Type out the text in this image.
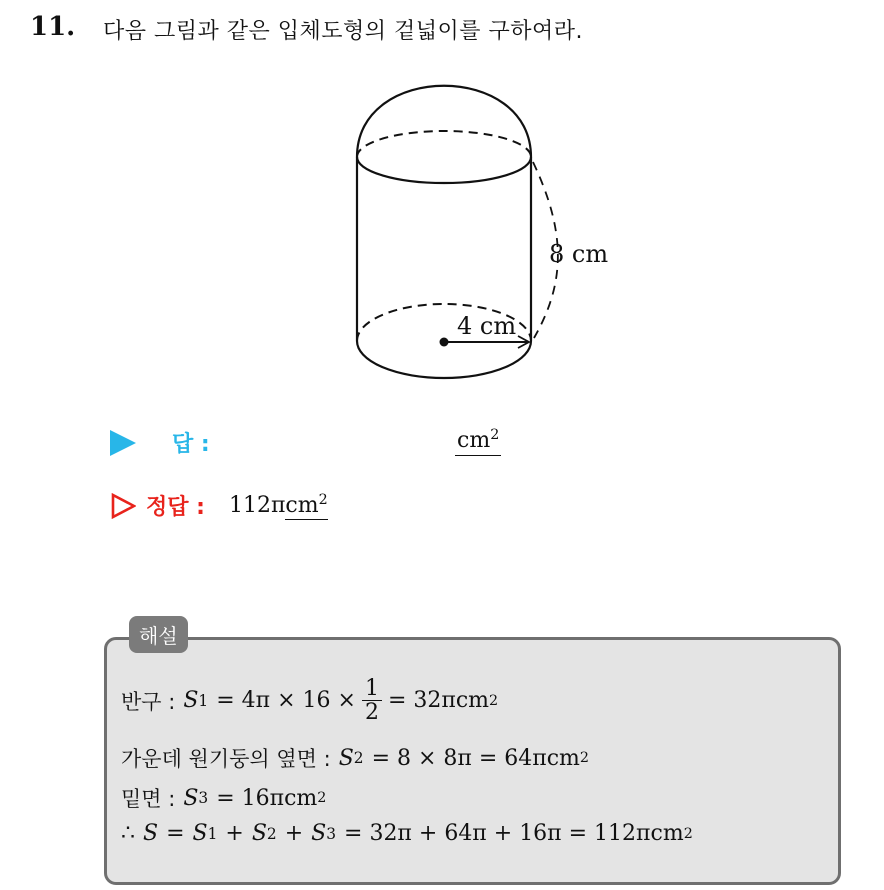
11. 다음 그림과 같은 입체도형의 겉넓이를 구하여라.
8 cm
4 cm
답 :	$cm^2$
정답 : 112πcm$^2$
해설
반구 : S $1 = 4\pi \times 16 \times \frac{1}{2} = 32\pi cm$ 2
가운데 원기둥의 옆면 : S 2 = 8 × 8π = 64πcm 2
밑면 : S 3 = 16πcm 2
∴ S = S 1 + S 2 + S 3 = 32π + 64π + 16π = 112πcm 2
